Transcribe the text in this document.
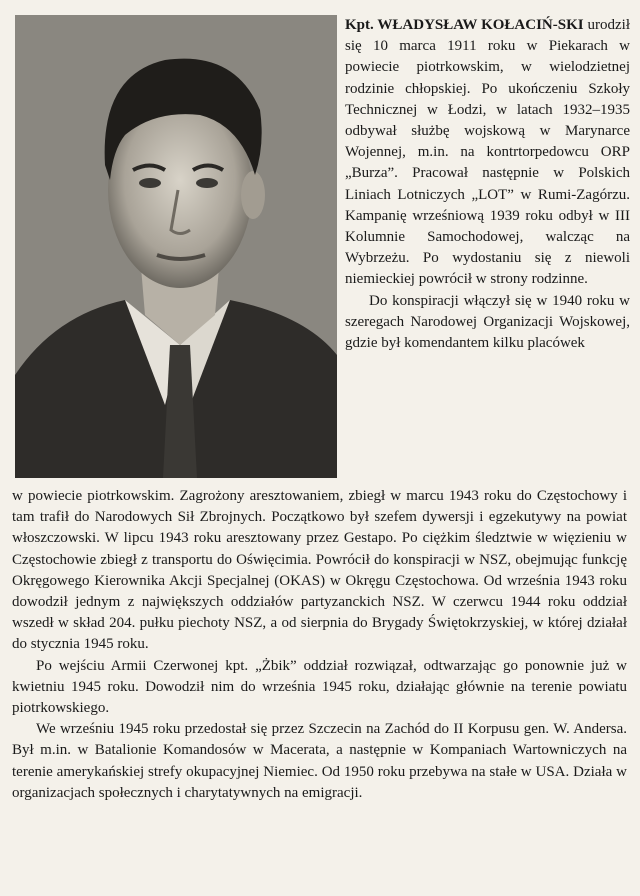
Kpt. WŁADYSŁAW KOŁACIŃ-SKI urodził się 10 marca 1911 roku w Piekarach w powiecie piotrkowskim, w wielodzietnej rodzinie chłopskiej. Po ukończeniu Szkoły Technicznej w Łodzi, w latach 1932–1935 odbywał służbę wojskową w Marynarce Wojennej, m.in. na kontrtorpedowcu ORP „Burza”. Pracował następnie w Polskich Liniach Lotniczych „LOT” w Rumi-Zagórzu. Kampanię wrześniową 1939 roku odbył w III Kolumnie Samochodowej, walcząc na Wybrzeżu. Po wydostaniu się z niewoli niemieckiej powrócił w strony rodzinne.
Do konspiracji włączył się w 1940 roku w szeregach Narodowej Organizacji Wojskowej, gdzie był komendantem kilku placówek

w powiecie piotrkowskim. Zagrożony aresztowaniem, zbiegł w marcu 1943 roku do Częstochowy i tam trafił do Narodowych Sił Zbrojnych. Początkowo był szefem dywersji i egzekutywy na powiat włoszczowski. W lipcu 1943 roku aresztowany przez Gestapo. Po ciężkim śledztwie w więzieniu w Częstochowie zbiegł z transportu do Oświęcimia. Powrócił do konspiracji w NSZ, obejmując funkcję Okręgowego Kierownika Akcji Specjalnej (OKAS) w Okręgu Częstochowa. Od września 1943 roku dowodził jednym z największych oddziałów partyzanckich NSZ. W czerwcu 1944 roku oddział wszedł w skład 204. pułku piechoty NSZ, a od sierpnia do Brygady Świętokrzyskiej, w której działał do stycznia 1945 roku.

Po wejściu Armii Czerwonej kpt. „Żbik” oddział rozwiązał, odtwarzając go ponownie już w kwietniu 1945 roku. Dowodził nim do września 1945 roku, działając głównie na terenie powiatu piotrkowskiego.

We wrześniu 1945 roku przedostał się przez Szczecin na Zachód do II Korpusu gen. W. Andersa. Był m.in. w Batalionie Komandosów w Macerata, a następnie w Kompaniach Wartowniczych na terenie amerykańskiej strefy okupacyjnej Niemiec. Od 1950 roku przebywa na stałe w USA. Działa w organizacjach społecznych i charytatywnych na emigracji.
